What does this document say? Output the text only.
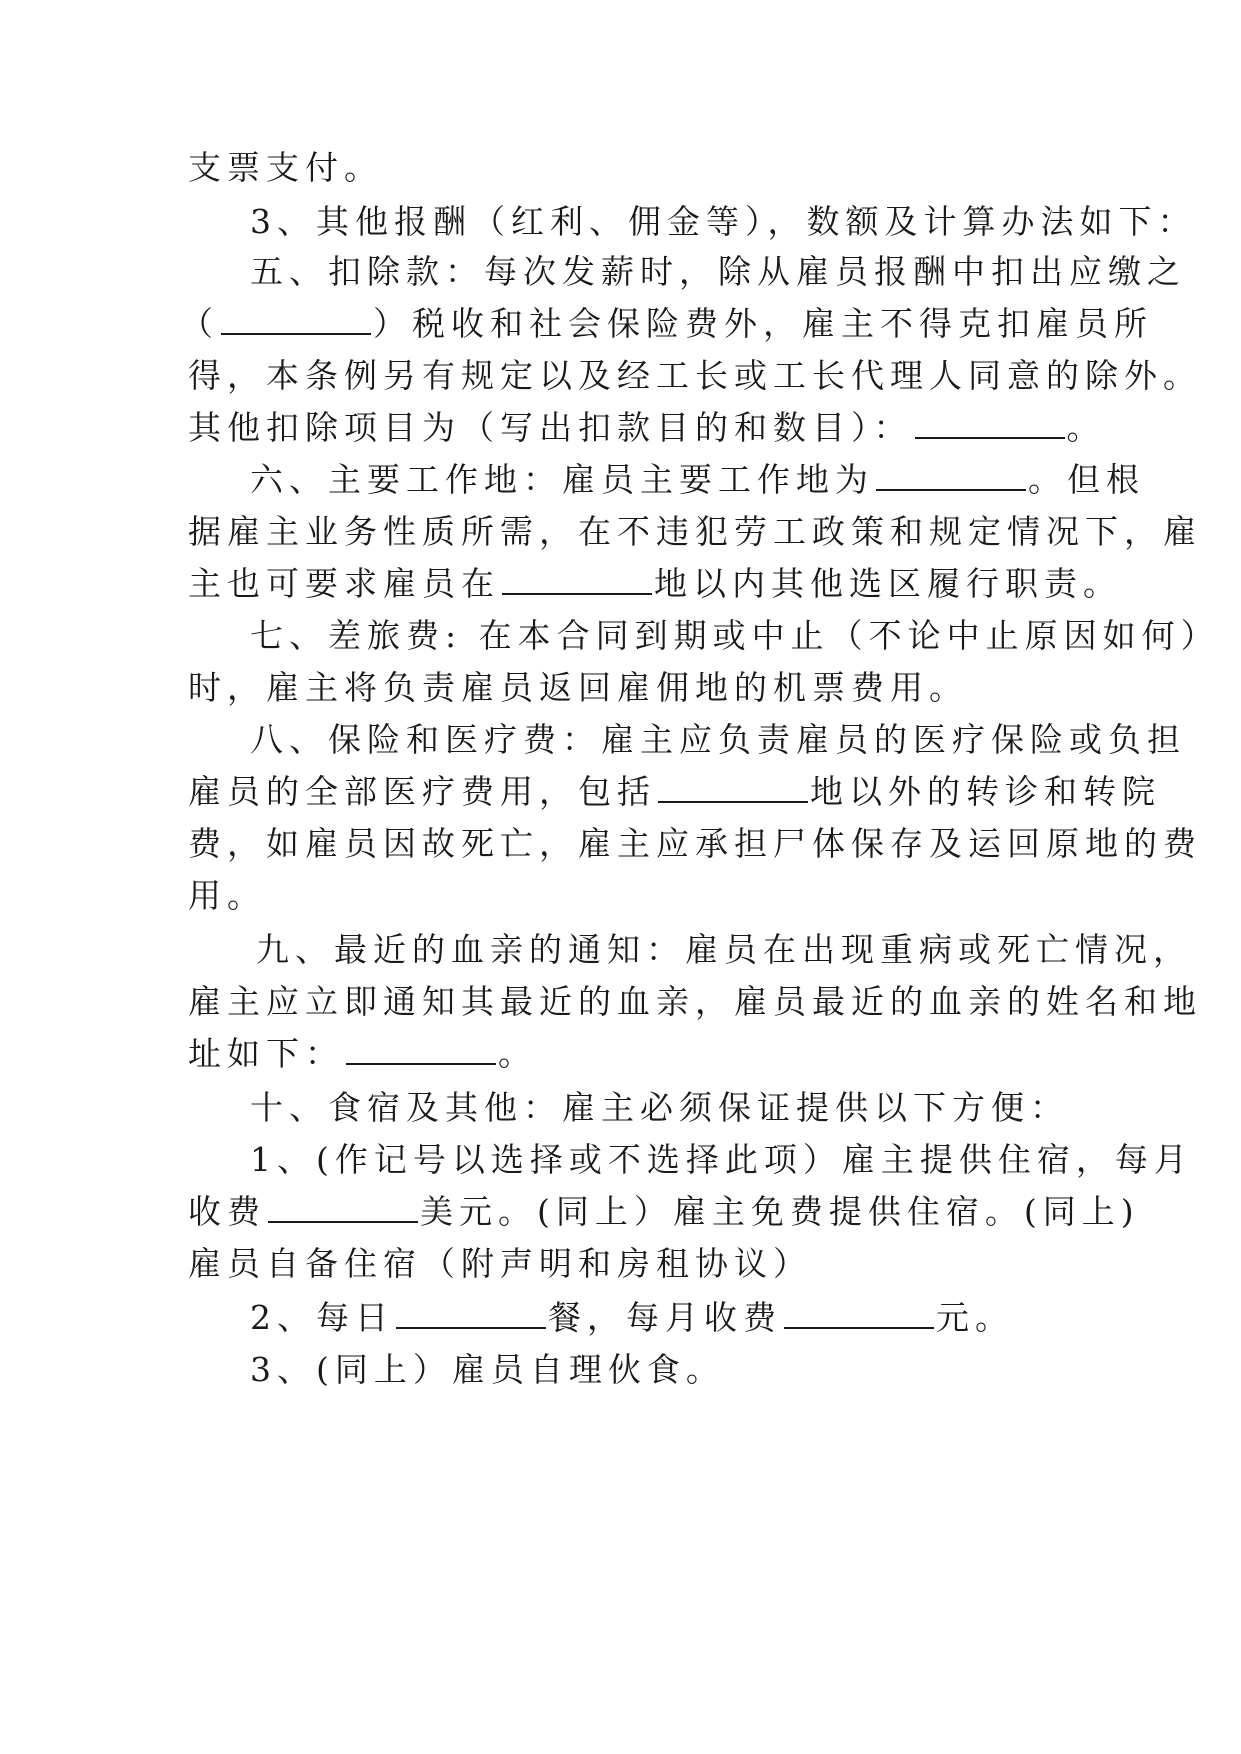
支票支付。
3、其他报酬（红利、佣金等），数额及计算办法如下：
五、扣除款：每次发薪时，除从雇员报酬中扣出应缴之
（	）税收和社会保险费外，雇主不得克扣雇员所
得，本条例另有规定以及经工长或工长代理人同意的除外。
其他扣除项目为（写出扣款目的和数目）：	。
六、主要工作地：雇员主要工作地为	。但根
据雇主业务性质所需，在不违犯劳工政策和规定情况下，雇
主也可要求雇员在	地以内其他选区履行职责。
七、差旅费: 在本合同到期或中止（不论中止原因如何）
时，雇主将负责雇员返回雇佣地的机票费用。
八、保险和医疗费：雇主应负责雇员的医疗保险或负担
雇员的全部医疗费用，包括	地以外的转诊和转院
费，如雇员因故死亡，雇主应承担尸体保存及运回原地的费
用。
九、最近的血亲的通知：雇员在出现重病或死亡情况，
雇主应立即通知其最近的血亲，雇员最近的血亲的姓名和地
址如下：	。
十、食宿及其他：雇主必须保证提供以下方便：
1、(作记号以选择或不选择此项）雇主提供住宿，每月
收费	美元。(同上）雇主免费提供住宿。(同上)
雇员自备住宿（附声明和房租协议）
2、每日	餐，每月收费	元。
3、(同上）雇员自理伙食。
